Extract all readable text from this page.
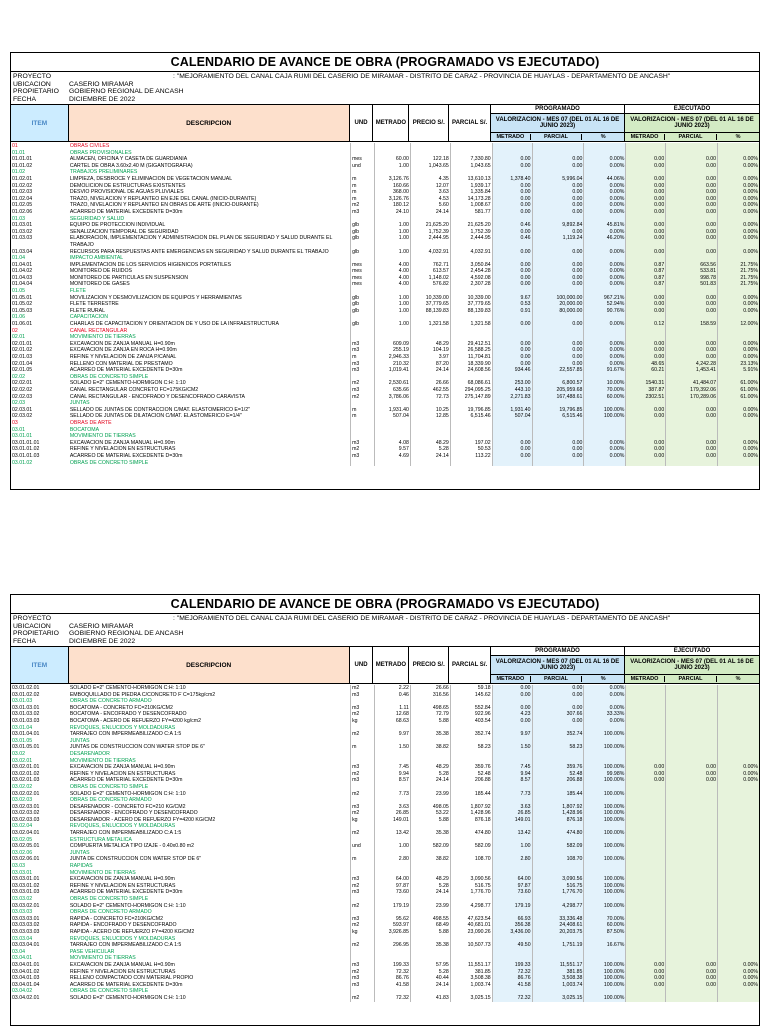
CALENDARIO DE AVANCE DE OBRA (PROGRAMADO VS EJECUTADO)
PROYECTO	: "MEJORAMIENTO DEL CANAL CAJA RUMI DEL CASERIO DE MIRAMAR - DISTRITO DE CARAZ - PROVINCIA DE HUAYLAS - DEPARTAMENTO DE ANCASH"
UBICACION	CASERIO MIRAMAR
PROPIETARIO	GOBIERNO REGIONAL DE ANCASH
FECHA	DICIEMBRE DE 2022
ITEM	DESCRIPCION	UND	METRADO	PRECIO S/.	PARCIAL S/.
PROGRAMADO
VALORIZACION - MES 07 (DEL 01 AL 16 DE JUNIO 2023)
METRADO	PARCIAL	%
EJECUTADO
VALORIZACION - MES 07 (DEL 01 AL 16 DE JUNIO 2023)
METRADO	PARCIAL	%
01	OBRAS CIVILES
01.01	OBRAS PROVISIONALES
01.01.01	ALMACEN, OFICINA Y CASETA DE GUARDIANIA	mes	60.00	122.18	7,330.80	0.00	0.00	0.00%	0.00	0.00	0.00%
01.01.02	CARTEL DE OBRA 3.60x2.40 M (GIGANTOGRAFIA)	und	1.00	1,043.65	1,043.65	0.00	0.00	0.00%	0.00	0.00	0.00%
01.02	TRABAJOS PRELIMINARES
01.02.01	LIMPIEZA, DESBROCE Y ELIMINACION DE VEGETACION MANUAL	m	3,126.76	4.35	13,610.13	1,378.40	5,996.04	44.06%	0.00	0.00	0.00%
01.02.02	DEMOLICION DE ESTRUCTURAS EXISTENTES	m	160.66	12.07	1,939.17	0.00	0.00	0.00%	0.00	0.00	0.00%
01.02.03	DESVIO PROVISIONAL DE AGUAS PLUVIALES	m	368.00	3.63	1,335.84	0.00	0.00	0.00%	0.00	0.00	0.00%
01.02.04	TRAZO, NIVELACION Y REPLANTEO EN EJE DEL CANAL (INICIO-DURANTE)	m	3,126.76	4.53	14,173.28	0.00	0.00	0.00%	0.00	0.00	0.00%
01.02.05	TRAZO, NIVELACION Y REPLANTEO EN OBRAS DE ARTE (INICIO-DURANTE)	m2	180.12	5.60	1,008.67	0.00	0.00	0.00%	0.00	0.00	0.00%
01.02.06	ACARREO DE MATERIAL EXCEDENTE D=30m	m3	24.10	24.14	581.77	0.00	0.00	0.00%	0.00	0.00	0.00%
01.03	SEGURIDAD Y SALUD
01.03.01	EQUIPO DE PROTECCION INDIVIDUAL	glb	1.00	21,625.20	21,625.20	0.46	9,892.84	45.81%	0.00	0.00	0.00%
01.03.02	SEÑALIZACION TEMPORAL DE SEGURIDAD	glb	1.00	1,752.39	1,752.39	0.00	0.00	0.00%	0.00	0.00	0.00%
01.03.03	ELABORACION, IMPLEMENTACION Y ADMINISTRACION DEL PLAN DE SEGURIDAD Y SALUD DURANTE EL	glb	1.00	2,444.95	2,444.95	0.46	1,119.24	46.20%	0.00	0.00	0.00%
TRABAJO
01.03.04	RECURSOS PARA RESPUESTAS ANTE EMERGENCIAS EN SEGURIDAD Y SALUD DURANTE EL TRABAJO	glb	1.00	4,032.91	4,032.91	0.00	0.00	0.00%	0.00	0.00	0.00%
01.04	IMPACTO AMBIENTAL
01.04.01	IMPLEMENTACION DE LOS SERVICIOS HIGIENICOS PORTATILES	mes	4.00	762.71	3,050.84	0.00	0.00	0.00%	0.87	663.56	21.75%
01.04.02	MONITOREO DE RUIDOS	mes	4.00	613.57	2,454.28	0.00	0.00	0.00%	0.87	533.81	21.75%
01.04.03	MONITOREO DE PARTICULAS EN SUSPENSION	mes	4.00	1,148.02	4,592.08	0.00	0.00	0.00%	0.87	998.78	21.75%
01.04.04	MONITOREO DE GASES	mes	4.00	576.82	2,307.28	0.00	0.00	0.00%	0.87	501.83	21.75%
01.05	FLETE
01.05.01	MOVILIZACION Y DESMOVILIZACION DE EQUIPOS Y HERRAMIENTAS	glb	1.00	10,339.00	10,339.00	9.67	100,000.00	967.21%	0.00	0.00	0.00%
01.05.02	FLETE TERRESTRE	glb	1.00	37,779.65	37,779.65	0.53	20,000.00	52.94%	0.00	0.00	0.00%
01.05.03	FLETE RURAL	glb	1.00	88,139.83	88,139.83	0.91	80,000.00	90.76%	0.00	0.00	0.00%
01.06	CAPACITACION
01.06.01	CHARLAS DE CAPACITACION Y ORIENTACION DE Y USO DE LA INFRAESTRUCTURA	glb	1.00	1,321.58	1,321.58	0.00	0.00	0.00%	0.12	158.59	12.00%
02	CANAL RECTANGULAR
02.01	MOVIMIENTO DE TIERRAS
02.01.01	EXCAVACION DE ZANJA MANUAL H=0.90m	m3	609.09	48.29	29,412.51	0.00	0.00	0.00%	0.00	0.00	0.00%
02.01.02	EXCAVACION DE ZANJA EN ROCA H=0.90m	m3	255.19	104.19	26,588.25	0.00	0.00	0.00%	0.00	0.00	0.00%
02.01.03	REFINE Y NIVELACION DE ZANJA P/CANAL	m	2,946.33	3.97	11,704.81	0.00	0.00	0.00%	0.00	0.00	0.00%
02.01.04	RELLENO CON MATERIAL DE PRESTAMO	m3	210.32	87.20	18,339.90	0.00	0.00	0.00%	48.65	4,242.28	23.13%
02.01.05	ACARREO DE MATERIAL EXCEDENTE D=30m	m3	1,019.41	24.14	24,608.56	934.46	22,557.85	91.67%	60.21	1,453.41	5.91%
02.02	OBRAS DE CONCRETO SIMPLE
02.02.01	SOLADO E=2" CEMENTO-HORMIGON C:H: 1:10	m2	2,530.61	26.66	68,086.61	253.00	6,800.57	10.00%	1540.31	41,484.07	61.00%
02.02.02	CANAL RECTANGULAR CONCRETO FC=175KG/CM2	m3	635.66	462.55	294,095.25	443.10	205,959.68	70.00%	387.87	179,392.06	61.00%
02.02.03	CANAL RECTANGULAR - ENCOFRADO Y DESENCOFRADO CARAVISTA	m2	3,786.06	72.73	275,147.89	2,271.83	167,488.61	60.00%	2302.51	170,289.06	61.00%
02.03	JUNTAS
02.03.01	SELLADO DE JUNTAS DE CONTRACCION C/MAT. ELASTOMERICO E=1/2"	m	1,931.40	10.25	19,796.85	1,931.40	19,796.85	100.00%	0.00	0.00	0.00%
02.03.02	SELLADO DE JUNTAS DE DILATACION C/MAT. ELASTOMERICO E=1/4"	m	507.04	12.85	6,515.46	507.04	6,515.46	100.00%	0.00	0.00	0.00%
03	OBRAS DE ARTE
03.01	BOCATOMA
03.01.01	MOVIMIENTO DE TIERRAS
03.01.01.01	EXCAVACION DE ZANJA MANUAL H=0.90m	m3	4.08	48.29	197.02	0.00	0.00	0.00%	0.00	0.00	0.00%
03.01.01.02	REFINE Y NIVELACION EN ESTRUCTURAS	m2	9.57	5.28	50.53	0.00	0.00	0.00%	0.00	0.00	0.00%
03.01.01.03	ACARREO DE MATERIAL EXCEDENTE D=30m	m3	4.69	24.14	113.22	0.00	0.00	0.00%	0.00	0.00	0.00%
03.01.02	OBRAS DE CONCRETO SIMPLE
CALENDARIO DE AVANCE DE OBRA (PROGRAMADO VS EJECUTADO)
PROYECTO	: "MEJORAMIENTO DEL CANAL CAJA RUMI DEL CASERIO DE MIRAMAR - DISTRITO DE CARAZ - PROVINCIA DE HUAYLAS - DEPARTAMENTO DE ANCASH"
UBICACION	CASERIO MIRAMAR
PROPIETARIO	GOBIERNO REGIONAL DE ANCASH
FECHA	DICIEMBRE DE 2022
ITEM	DESCRIPCION	UND	METRADO	PRECIO S/.	PARCIAL S/.
PROGRAMADO
VALORIZACION - MES 07 (DEL 01 AL 16 DE JUNIO 2023)
METRADO	PARCIAL	%
EJECUTADO
VALORIZACION - MES 07 (DEL 01 AL 16 DE JUNIO 2023)
METRADO	PARCIAL	%
03.01.02.01	SOLADO E=2" CEMENTO-HORMIGON C:H: 1:10	m2	2.22	26.66	59.18	0.00	0.00	0.00%
03.01.02.02	EMBOQUILLADO DE PIEDRA C/CONCRETO F´C=175kg/cm2	m3	0.46	316.56	145.62	0.00	0.00	0.00%
03.01.03	OBRAS DE CONCRETO ARMADO
03.01.03.01	BOCATOMA - CONCRETO FC=210KG/CM2	m3	1.11	498.65	552.84	0.00	0.00	0.00%
03.01.03.02	BOCATOMA - ENCOFRADO Y DESENCOFRADO	m2	12.68	72.79	922.96	4.23	307.66	33.33%
03.01.03.03	BOCATOMA - ACERO DE REFUERZO FY=4200 kg/cm2	kg	68.63	5.88	403.54	0.00	0.00	0.00%
03.01.04	REVOQUES, ENLUCIDOS Y MOLDADURAS
03.01.04.01	TARRAJEO CON IMPERMEABILIZADO C:A 1:5	m2	9.97	35.38	352.74	9.97	352.74	100.00%
03.01.05	JUNTAS
03.01.05.01	JUNTAS DE CONSTRUCCION CON WATER STOP DE 6"	m	1.50	38.82	58.23	1.50	58.23	100.00%
03.02	DESARENADOR
03.02.01	MOVIMIENTO DE TIERRAS
03.02.01.01	EXCAVACION DE ZANJA MANUAL H=0.90m	m3	7.45	48.29	359.76	7.45	359.76	100.00%	0.00	0.00	0.00%
03.02.01.02	REFINE Y NIVELACION EN ESTRUCTURAS	m2	9.94	5.28	52.48	9.94	52.48	99.98%	0.00	0.00	0.00%
03.02.01.03	ACARREO DE MATERIAL EXCEDENTE D=30m	m3	8.57	24.14	206.88	8.57	206.88	100.00%	0.00	0.00	0.00%
03.02.02	OBRAS DE CONCRETO SIMPLE
03.02.02.01	SOLADO E=2" CEMENTO-HORMIGON C:H: 1:10	m2	7.73	23.99	185.44	7.73	185.44	100.00%
03.02.03	OBRAS DE CONCRETO ARMADO
03.02.03.01	DESARENADOR - CONCRETO FC=210 KG/CM2	m3	3.63	498.05	1,807.92	3.63	1,807.92	100.00%
03.02.03.02	DESARENADOR - ENCOFRADO Y DESENCOFRADO	m2	26.85	53.22	1,428.96	26.85	1,428.96	100.00%
03.02.03.03	DESARENADOR - ACERO DE REFUERZO FY=4200 KG/CM2	kg	149.01	5.88	876.18	149.01	876.18	100.00%
03.02.04	REVOQUES, ENLUCIDOS Y MOLDADURAS
03.02.04.01	TARRAJEO CON IMPERMEABILIZADO C:A 1:5	m2	13.42	35.38	474.80	13.42	474.80	100.00%
03.02.05	ESTRUCTURA METALICA
03.02.05.01	COMPUERTA METALICA TIPO IZAJE - 0.40x0.80 m2	und	1.00	582.09	582.09	1.00	582.09	100.00%
03.02.06	JUNTAS
03.02.06.01	JUNTA DE CONSTRUCCION CON WATER STOP DE 6"	m	2.80	38.82	108.70	2.80	108.70	100.00%
03.03	RAPIDAS
03.03.01	MOVIMIENTO DE TIERRAS
03.03.01.01	EXCAVACION DE ZANJA MANUAL H=0.90m	m3	64.00	48.29	3,090.56	64.00	3,090.56	100.00%
03.03.01.02	REFINE Y NIVELACION EN ESTRUCTURAS	m2	97.87	5.28	516.75	97.87	516.75	100.00%
03.03.01.03	ACARREO DE MATERIAL EXCEDENTE D=30m	m3	73.60	24.14	1,776.70	73.60	1,776.70	100.00%
03.03.02	OBRAS DE CONCRETO SIMPLE
03.03.02.01	SOLADO E=2" CEMENTO-HORMIGON C:H: 1:10	m2	179.19	23.99	4,298.77	179.19	4,298.77	100.00%
03.03.03	OBRAS DE CONCRETO ARMADO
03.03.03.01	RAPIDA - CONCRETO FC=210KG/CM2	m3	95.62	498.55	47,623.54	66.93	33,336.48	70.00%
03.03.03.02	RAPIDA - ENCOFRADO Y DESENCOFRADO	m2	593.97	68.49	40,681.01	356.38	24,408.61	60.00%
03.03.03.03	RAPIDA - ACERO DE REFUERZO FY=4200 KG/CM2	kg	3,926.85	5.88	23,090.26	3,436.00	20,203.75	87.50%
03.03.04	REVOQUES, ENLUCIDOS Y MOLDADURAS
03.03.04.01	TARRAJEO CON IMPERMEABILIZADO C:A 1:5	m2	296.95	35.38	10,507.73	49.50	1,751.19	16.67%
03.04	PASE VEHICULAR
03.04.01	MOVIMIENTO DE TIERRAS
03.04.01.01	EXCAVACION DE ZANJA MANUAL H=0.90m	m3	199.33	57.95	11,551.17	199.33	11,551.17	100.00%	0.00	0.00	0.00%
03.04.01.02	REFINE Y NIVELACION EN ESTRUCTURAS	m2	72.32	5.28	381.85	72.32	381.85	100.00%	0.00	0.00	0.00%
03.04.01.03	RELLENO COMPACTADO CON MATERIAL PROPIO	m3	86.76	40.44	3,508.38	86.76	3,508.38	100.00%	0.00	0.00	0.00%
03.04.01.04	ACARREO DE MATERIAL EXCEDENTE D=30m	m3	41.58	24.14	1,003.74	41.58	1,003.74	100.00%	0.00	0.00	0.00%
03.04.02	OBRAS DE CONCRETO SIMPLE
03.04.02.01	SOLADO E=2" CEMENTO-HORMIGON C:H: 1:10	m2	72.32	41.83	3,025.15	72.32	3,025.15	100.00%
